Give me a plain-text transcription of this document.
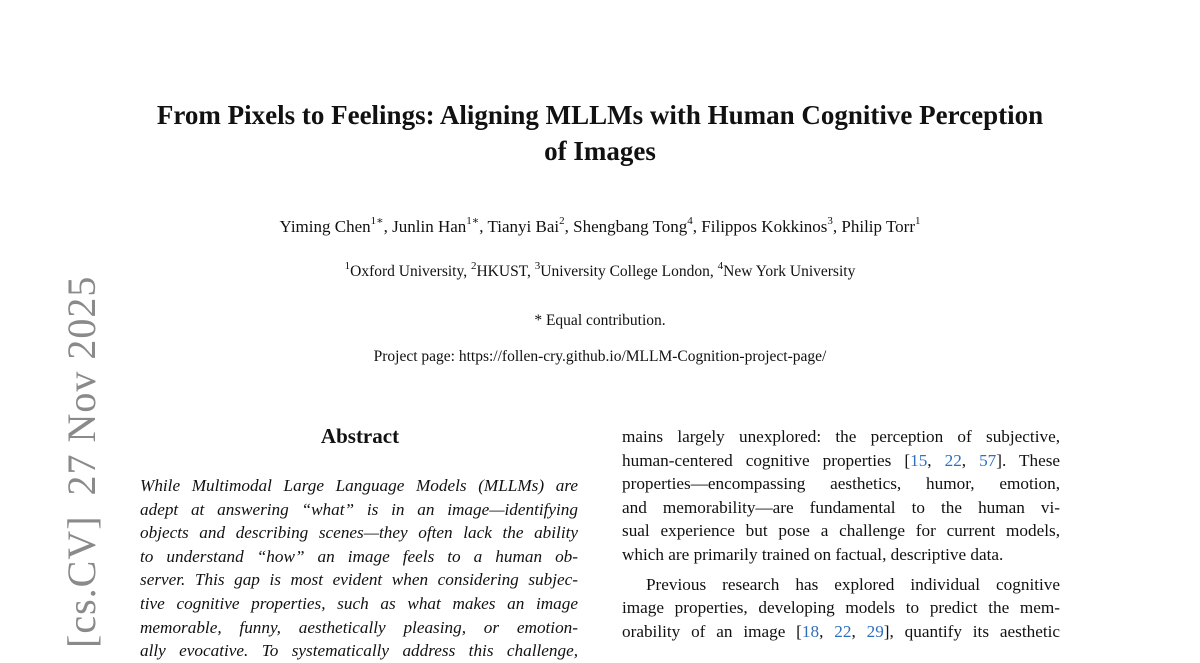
[cs.CV]27 Nov 2025
From Pixels to Feelings: Aligning MLLMs with Human Cognitive Perception
of Images
Yiming Chen$^{1∗}$, Junlin Han$^{1∗}$, Tianyi Bai$^2$, Shengbang Tong$^4$, Filippos Kokkinos$^3$, Philip Torr$^1$
$^1$Oxford University, $^2$HKUST, $^3$University College London, $^4$New York University
* Equal contribution.
Project page: https://follen-cry.github.io/MLLM-Cognition-project-page/
Abstract
While Multimodal Large Language Models (MLLMs) are
adept at answering “what” is in an image—identifying
objects and describing scenes—they often lack the ability
to understand “how” an image feels to a human ob-
server. This gap is most evident when considering subjec-
tive cognitive properties, such as what makes an image
memorable, funny, aesthetically pleasing, or emotion-
ally evocative. To systematically address this challenge,
mains largely unexplored: the perception of subjective,
human-centered cognitive properties [15, 22, 57]. These
properties—encompassing aesthetics, humor, emotion,
and memorability—are fundamental to the human vi-
sual experience but pose a challenge for current models,
which are primarily trained on factual, descriptive data.
Previous research has explored individual cognitive
image properties, developing models to predict the mem-
orability of an image [18, 22, 29], quantify its aesthetic
